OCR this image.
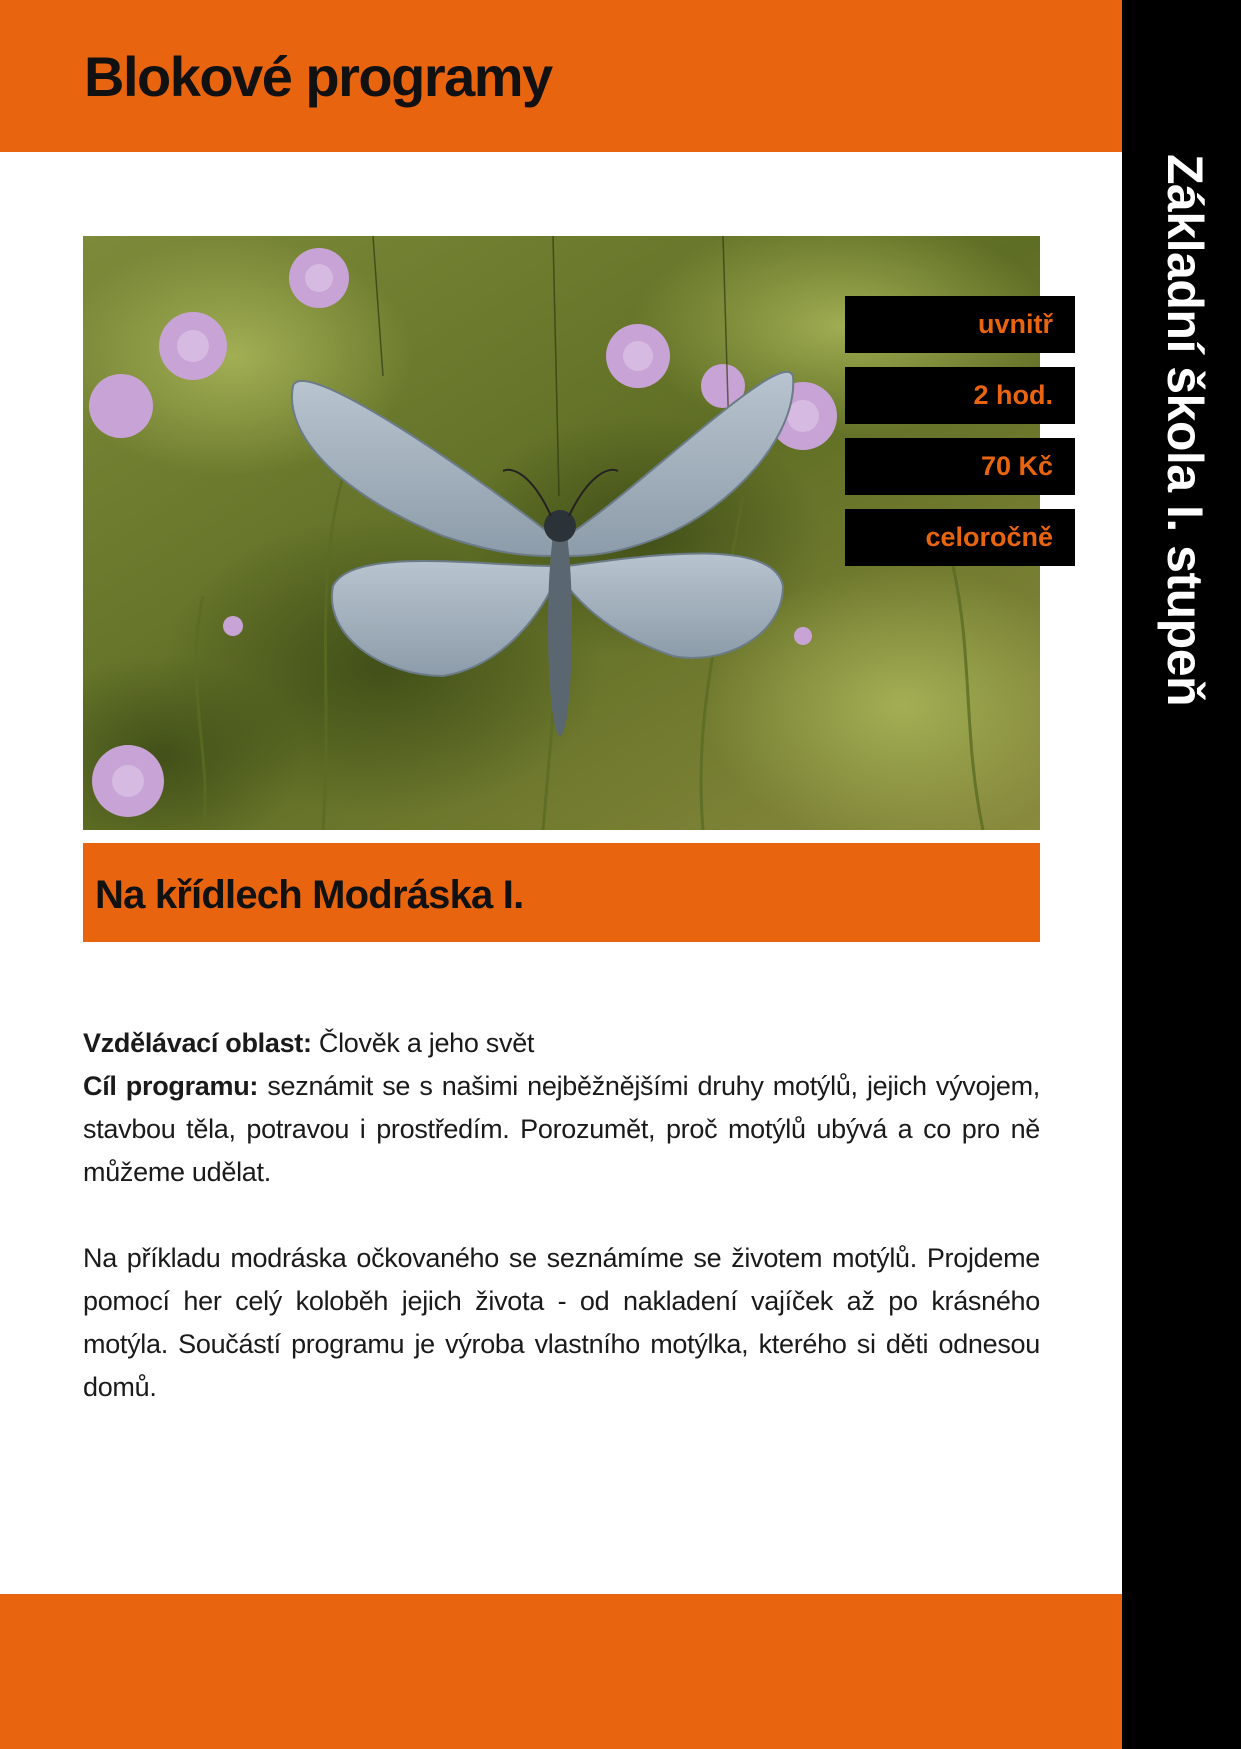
Blokové programy
Základní škola I. stupeň
uvnitř
2 hod.
70 Kč
celoročně
Na křídlech Modráska I.

Vzdělávací oblast: Člověk a jeho svět

Cíl programu: seznámit se s našimi nejběžnějšími druhy motýlů, jejich vývojem, stavbou těla, potravou i prostředím. Porozumět, proč motýlů ubývá a co pro ně můžeme udělat.

Na příkladu modráska očkovaného se seznámíme se životem motýlů. Projdeme pomocí her celý koloběh jejich života - od nakladení vajíček až po krásného motýla. Součástí programu je výroba vlastního motýlka, kterého si děti odnesou domů.
